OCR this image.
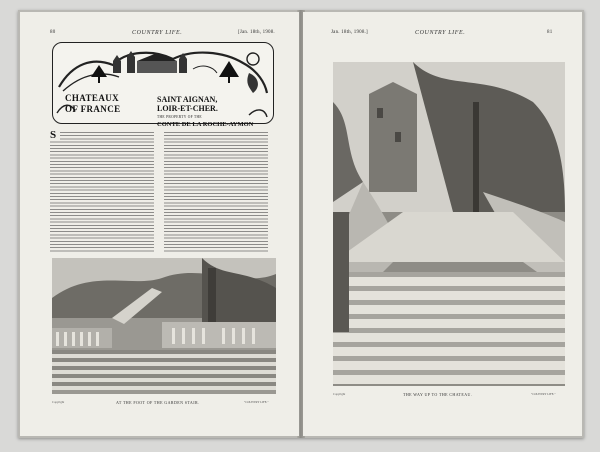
80	COUNTRY LIFE.	[Jan. 18th, 1908.
CHATEAUX
OF FRANCE
SAINT AIGNAN,
LOIR-ET-CHER.
THE PROPERTY OF THE
CONTE DE LA ROCHE-AYMON
S
Copyright	AT THE FOOT OF THE GARDEN STAIR.	"COUNTRY LIFE."
Jan. 18th, 1908.]	COUNTRY LIFE.	81
Copyright	THE WAY UP TO THE CHATEAU.	"COUNTRY LIFE."
